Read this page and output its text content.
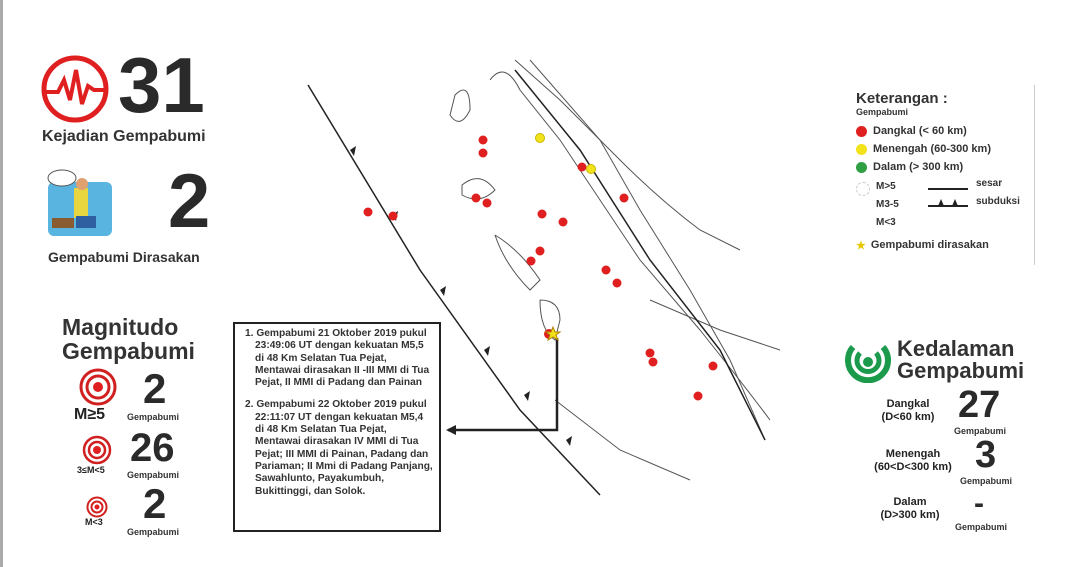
31
Kejadian Gempabumi
2
Gempabumi Dirasakan
Magnitudo
Gempabumi
M≥5
2
Gempabumi
3≤M<5 26
Gempabumi
M<3 2
Gempabumi

1. Gempabumi 21 Oktober 2019 pukul 23:49:06 UT dengan kekuatan M5,5 di 48 Km Selatan Tua Pejat, Mentawai dirasakan II -III MMI di Tua Pejat, II MMI di Padang dan Painan

2. Gempabumi 22 Oktober 2019 pukul 22:11:07 UT dengan kekuatan M5,4 di 48 Km Selatan Tua Pejat, Mentawai dirasakan IV MMI di Tua Pejat; III MMI di Painan, Padang dan Pariaman; II Mmi di Padang Panjang, Sawahlunto, Payakumbuh, Bukittinggi, dan Solok.

Keterangan :
Gempabumi
Dangkal (< 60 km)
Menengah (60-300 km)
Dalam (> 300 km)
M>5
M3-5
M<3
sesar
subduksi
★ Gempabumi dirasakan
Kedalaman
Gempabumi
Dangkal
(D<60 km) 27
Gempabumi
Menengah
(60<D<300 km) 3
Gempabumi
Dalam
(D>300 km)	-
Gempabumi
